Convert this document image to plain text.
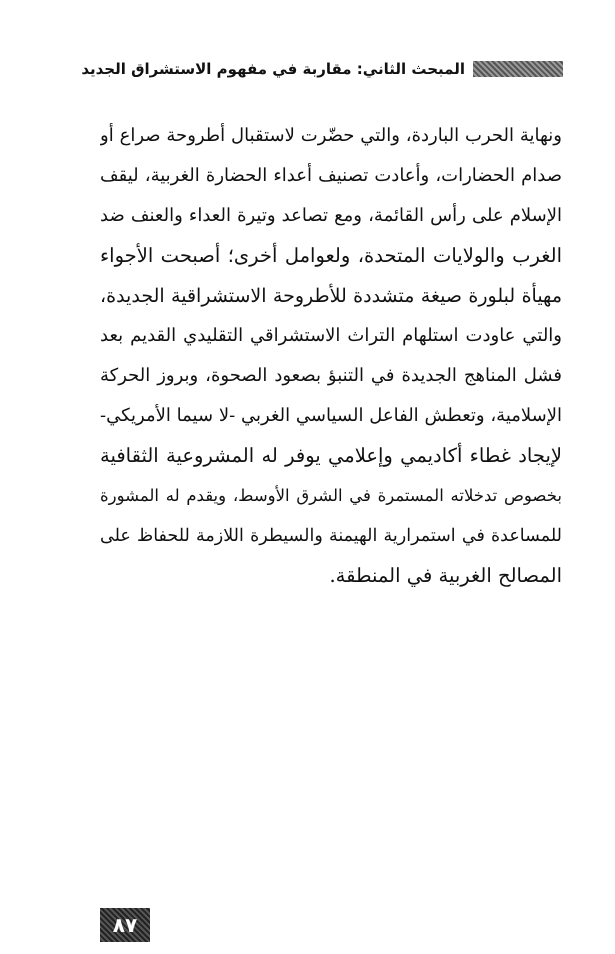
المبحث الثاني: مقاربة في مفهوم الاستشراق الجديد
ونهاية الحرب الباردة، والتي حضّرت لاستقبال أطروحة صراع أو
صدام الحضارات، وأعادت تصنيف أعداء الحضارة الغربية، ليقف
الإسلام على رأس القائمة، ومع تصاعد وتيرة العداء والعنف ضد
الغرب والولايات المتحدة، ولعوامل أخرى؛ أصبحت الأجواء
مهيأة لبلورة صيغة متشددة للأطروحة الاستشراقية الجديدة،
والتي عاودت استلهام التراث الاستشراقي التقليدي القديم بعد
فشل المناهج الجديدة في التنبؤ بصعود الصحوة، وبروز الحركة
الإسلامية، وتعطش الفاعل السياسي الغربي -لا سيما الأمريكي-
لإيجاد غطاء أكاديمي وإعلامي يوفر له المشروعية الثقافية
بخصوص تدخلاته المستمرة في الشرق الأوسط، ويقدم له المشورة
للمساعدة في استمرارية الهيمنة والسيطرة اللازمة للحفاظ على
المصالح الغربية في المنطقة.
٨٧
